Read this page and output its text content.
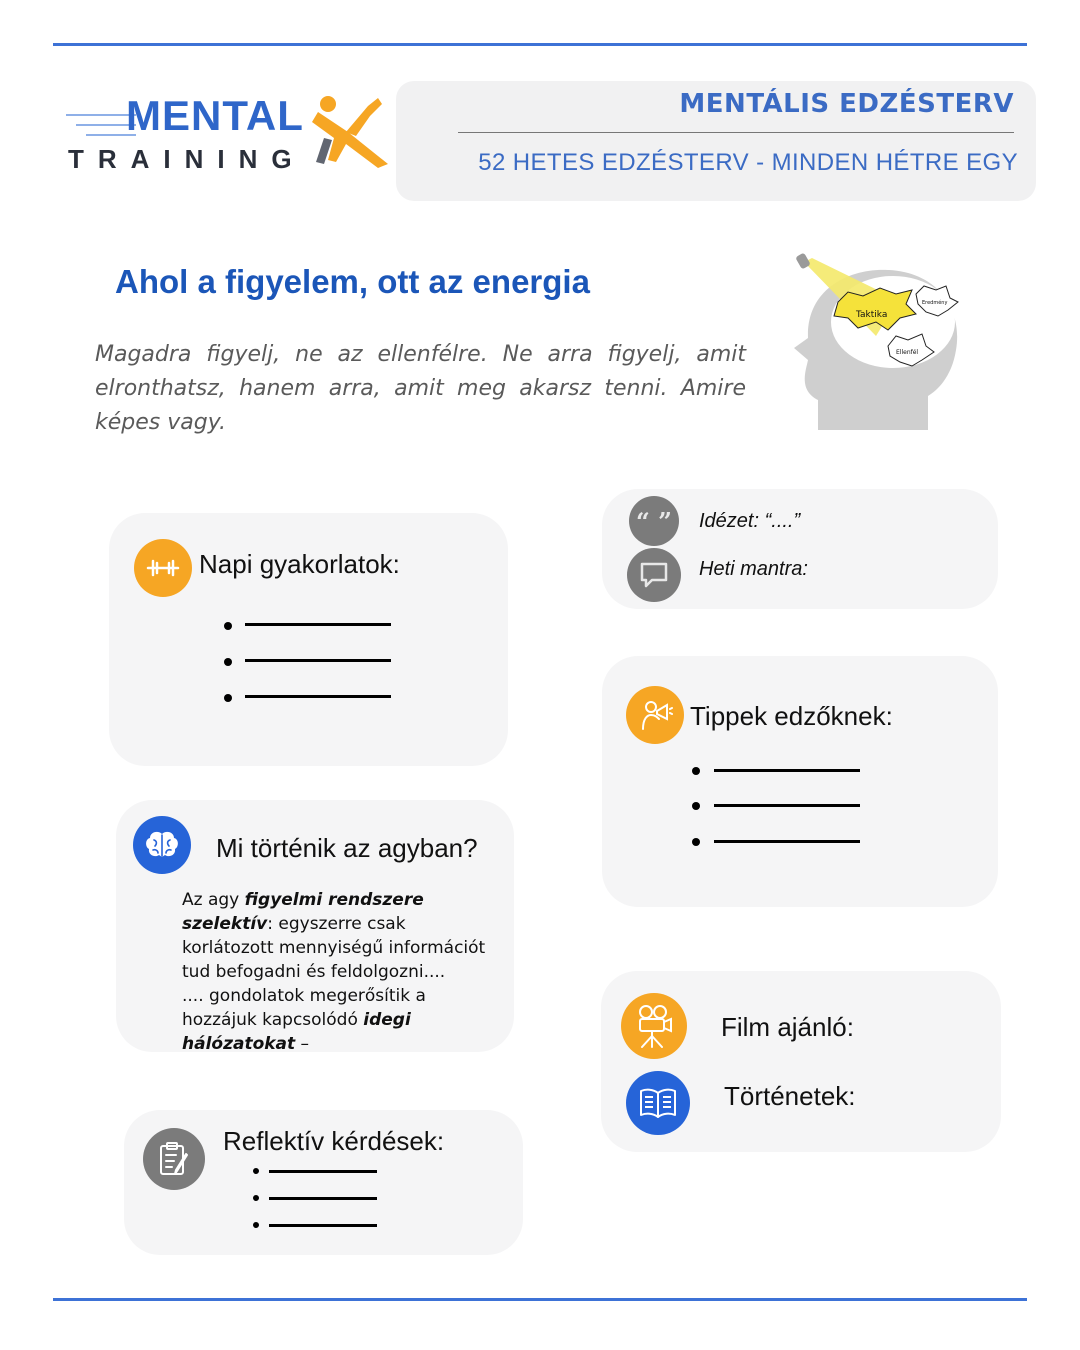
MENTAL
TRAINING
MENTÁLIS EDZÉSTERV
52 HETES EDZÉSTERV - MINDEN HÉTRE EGY
Ahol a figyelem, ott az energia
Magadra figyelj, ne az ellenfélre. Ne arra figyelj, amit elronthatsz, hanem arra, amit meg akarsz tenni. Amire képes vagy.
Taktika
Eredmény
Ellenfél
“ ” Idézet: “....”
Heti mantra:
Napi gyakorlatok:
Tippek edzőknek:
Mi történik az agyban?
Az agy figyelmi rendszere szelektív: egyszerre csak korlátozott mennyiségű információt tud befogadni és feldolgozni....
.... gondolatok megerősítik a hozzájuk kapcsolódó idegi hálózatokat –
Film ajánló:
Történetek:
Reflektív kérdések:
